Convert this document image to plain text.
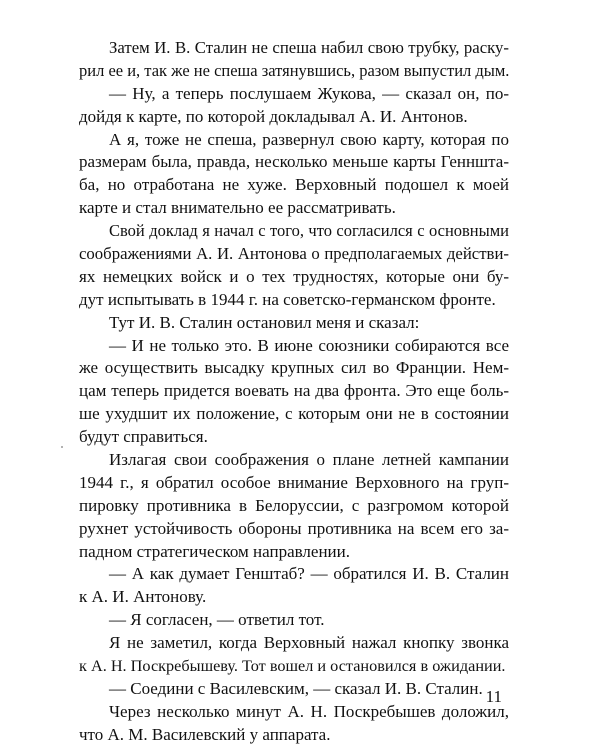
Затем И. В. Сталин не спеша набил свою трубку, раску-
рил ее и, так же не спеша затянувшись, разом выпустил дым.
— Ну, а теперь послушаем Жукова, — сказал он, по-
дойдя к карте, по которой докладывал А. И. Антонов.
А я, тоже не спеша, развернул свою карту, которая по
размерам была, правда, несколько меньше карты Генншта-
ба, но отработана не хуже. Верховный подошел к моей
карте и стал внимательно ее рассматривать.
Свой доклад я начал с того, что согласился с основными
соображениями А. И. Антонова о предполагаемых действи-
ях немецких войск и о тех трудностях, которые они бу-
дут испытывать в 1944 г. на советско-германском фронте.
Тут И. В. Сталин остановил меня и сказал:
— И не только это. В июне союзники собираются все
же осуществить высадку крупных сил во Франции. Нем-
цам теперь придется воевать на два фронта. Это еще боль-
ше ухудшит их положение, с которым они не в состоянии
будут справиться.
Излагая свои соображения о плане летней кампании
1944 г., я обратил особое внимание Верховного на груп-
пировку противника в Белоруссии, с разгромом которой
рухнет устойчивость обороны противника на всем его за-
падном стратегическом направлении.
— А как думает Генштаб? — обратился И. В. Сталин
к А. И. Антонову.
— Я согласен, — ответил тот.
Я не заметил, когда Верховный нажал кнопку звонка
к А. Н. Поскребышеву. Тот вошел и остановился в ожидании.
— Соедини с Василевским, — сказал И. В. Сталин.
Через несколько минут А. Н. Поскребышев доложил,
что А. М. Василевский у аппарата.
11
